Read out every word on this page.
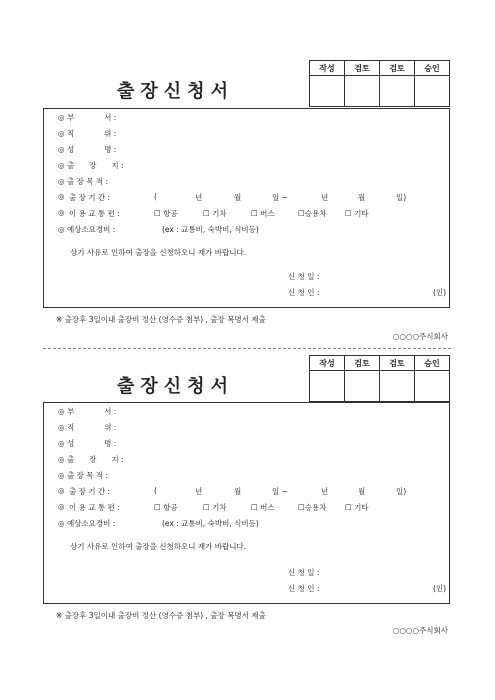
출장신청서
작성	검토	검토	승인

◎ 부　　　　서 :
◎ 직　　　　위 :
◎ 성　　　　명 :
◎ 출　　장　　지 :
◎ 출 장 목 적 :
◎ 출 장 기 간 :	(	년	월	일 ~	년	월	일)
◎ 이 용 교 통 편 :	☐ 항공	☐ 기차	☐ 버스	☐승용차 ☐ 기타
◎ 예상소요경비 :	(ex : 교통비, 숙박비, 식비등)
상기 사유로 인하여 출장을 신청하오니 재가 바랍니다.
신 청 일 :
신 청 인 :	(인)
※ 출장후 3일이내 출장비 정산 (영수증 첨부) , 출장 복명서 제출
○○○○주식회사
출장신청서
작성	검토	검토	승인

◎ 부　　　　서 :
◎ 직　　　　위 :
◎ 성　　　　명 :
◎ 출　　장　　지 :
◎ 출 장 목 적 :
◎ 출 장 기 간 :	(	년	월	일 ~	년	월	일)
◎ 이 용 교 통 편 :	☐ 항공	☐ 기차	☐ 버스	☐승용차 ☐ 기타
◎ 예상소요경비 :	(ex : 교통비, 숙박비, 식비등)
상기 사유로 인하여 출장을 신청하오니 재가 바랍니다.
신 청 일 :
신 청 인 :	(인)
※ 출장후 3일이내 출장비 정산 (영수증 첨부) , 출장 복명서 제출
○○○○주식회사
